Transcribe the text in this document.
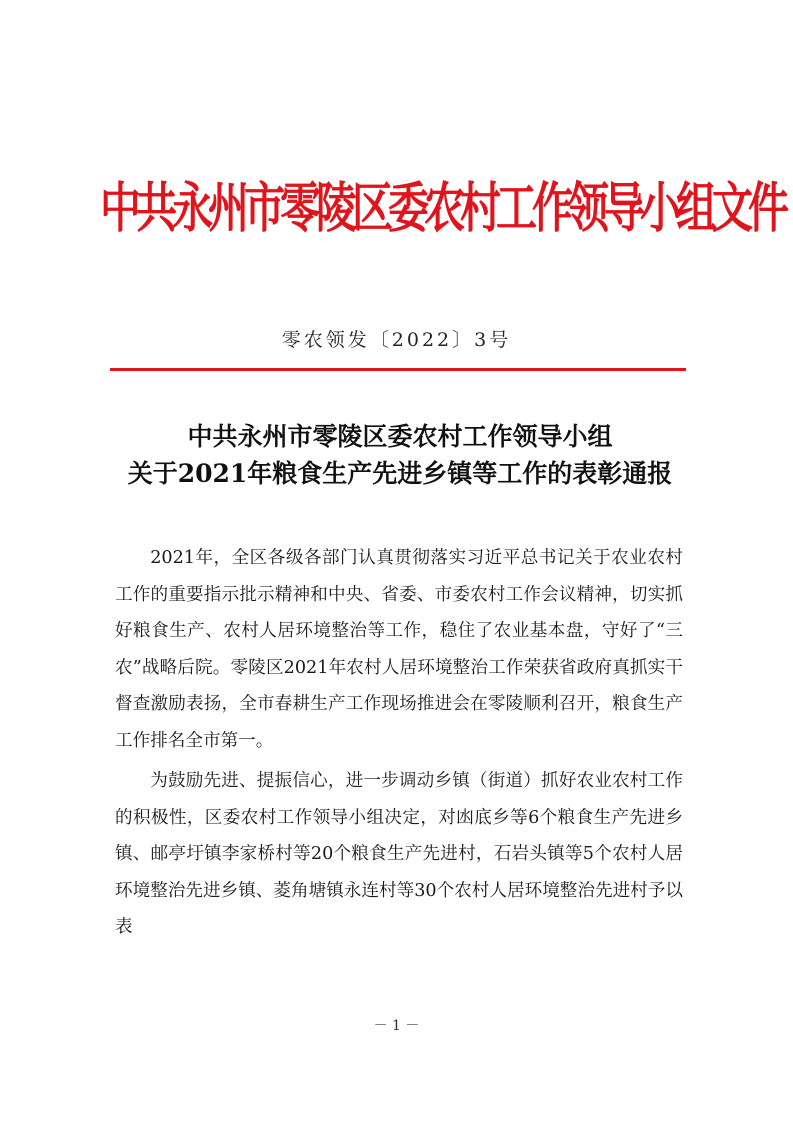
中共永州市零陵区委农村工作领导小组文件
零农领发〔2022〕3号
中共永州市零陵区委农村工作领导小组
关于2021年粮食生产先进乡镇等工作的表彰通报

2021年，全区各级各部门认真贯彻落实习近平总书记关于农业农村工作的重要指示批示精神和中央、省委、市委农村工作会议精神，切实抓好粮食生产、农村人居环境整治等工作，稳住了农业基本盘，守好了“三农”战略后院。零陵区2021年农村人居环境整治工作荣获省政府真抓实干督查激励表扬，全市春耕生产工作现场推进会在零陵顺利召开，粮食生产工作排名全市第一。

为鼓励先进、提振信心，进一步调动乡镇（街道）抓好农业农村工作的积极性，区委农村工作领导小组决定，对凼底乡等6个粮食生产先进乡镇、邮亭圩镇李家桥村等20个粮食生产先进村，石岩头镇等5个农村人居环境整治先进乡镇、菱角塘镇永连村等30个农村人居环境整治先进村予以表

－ 1 －
